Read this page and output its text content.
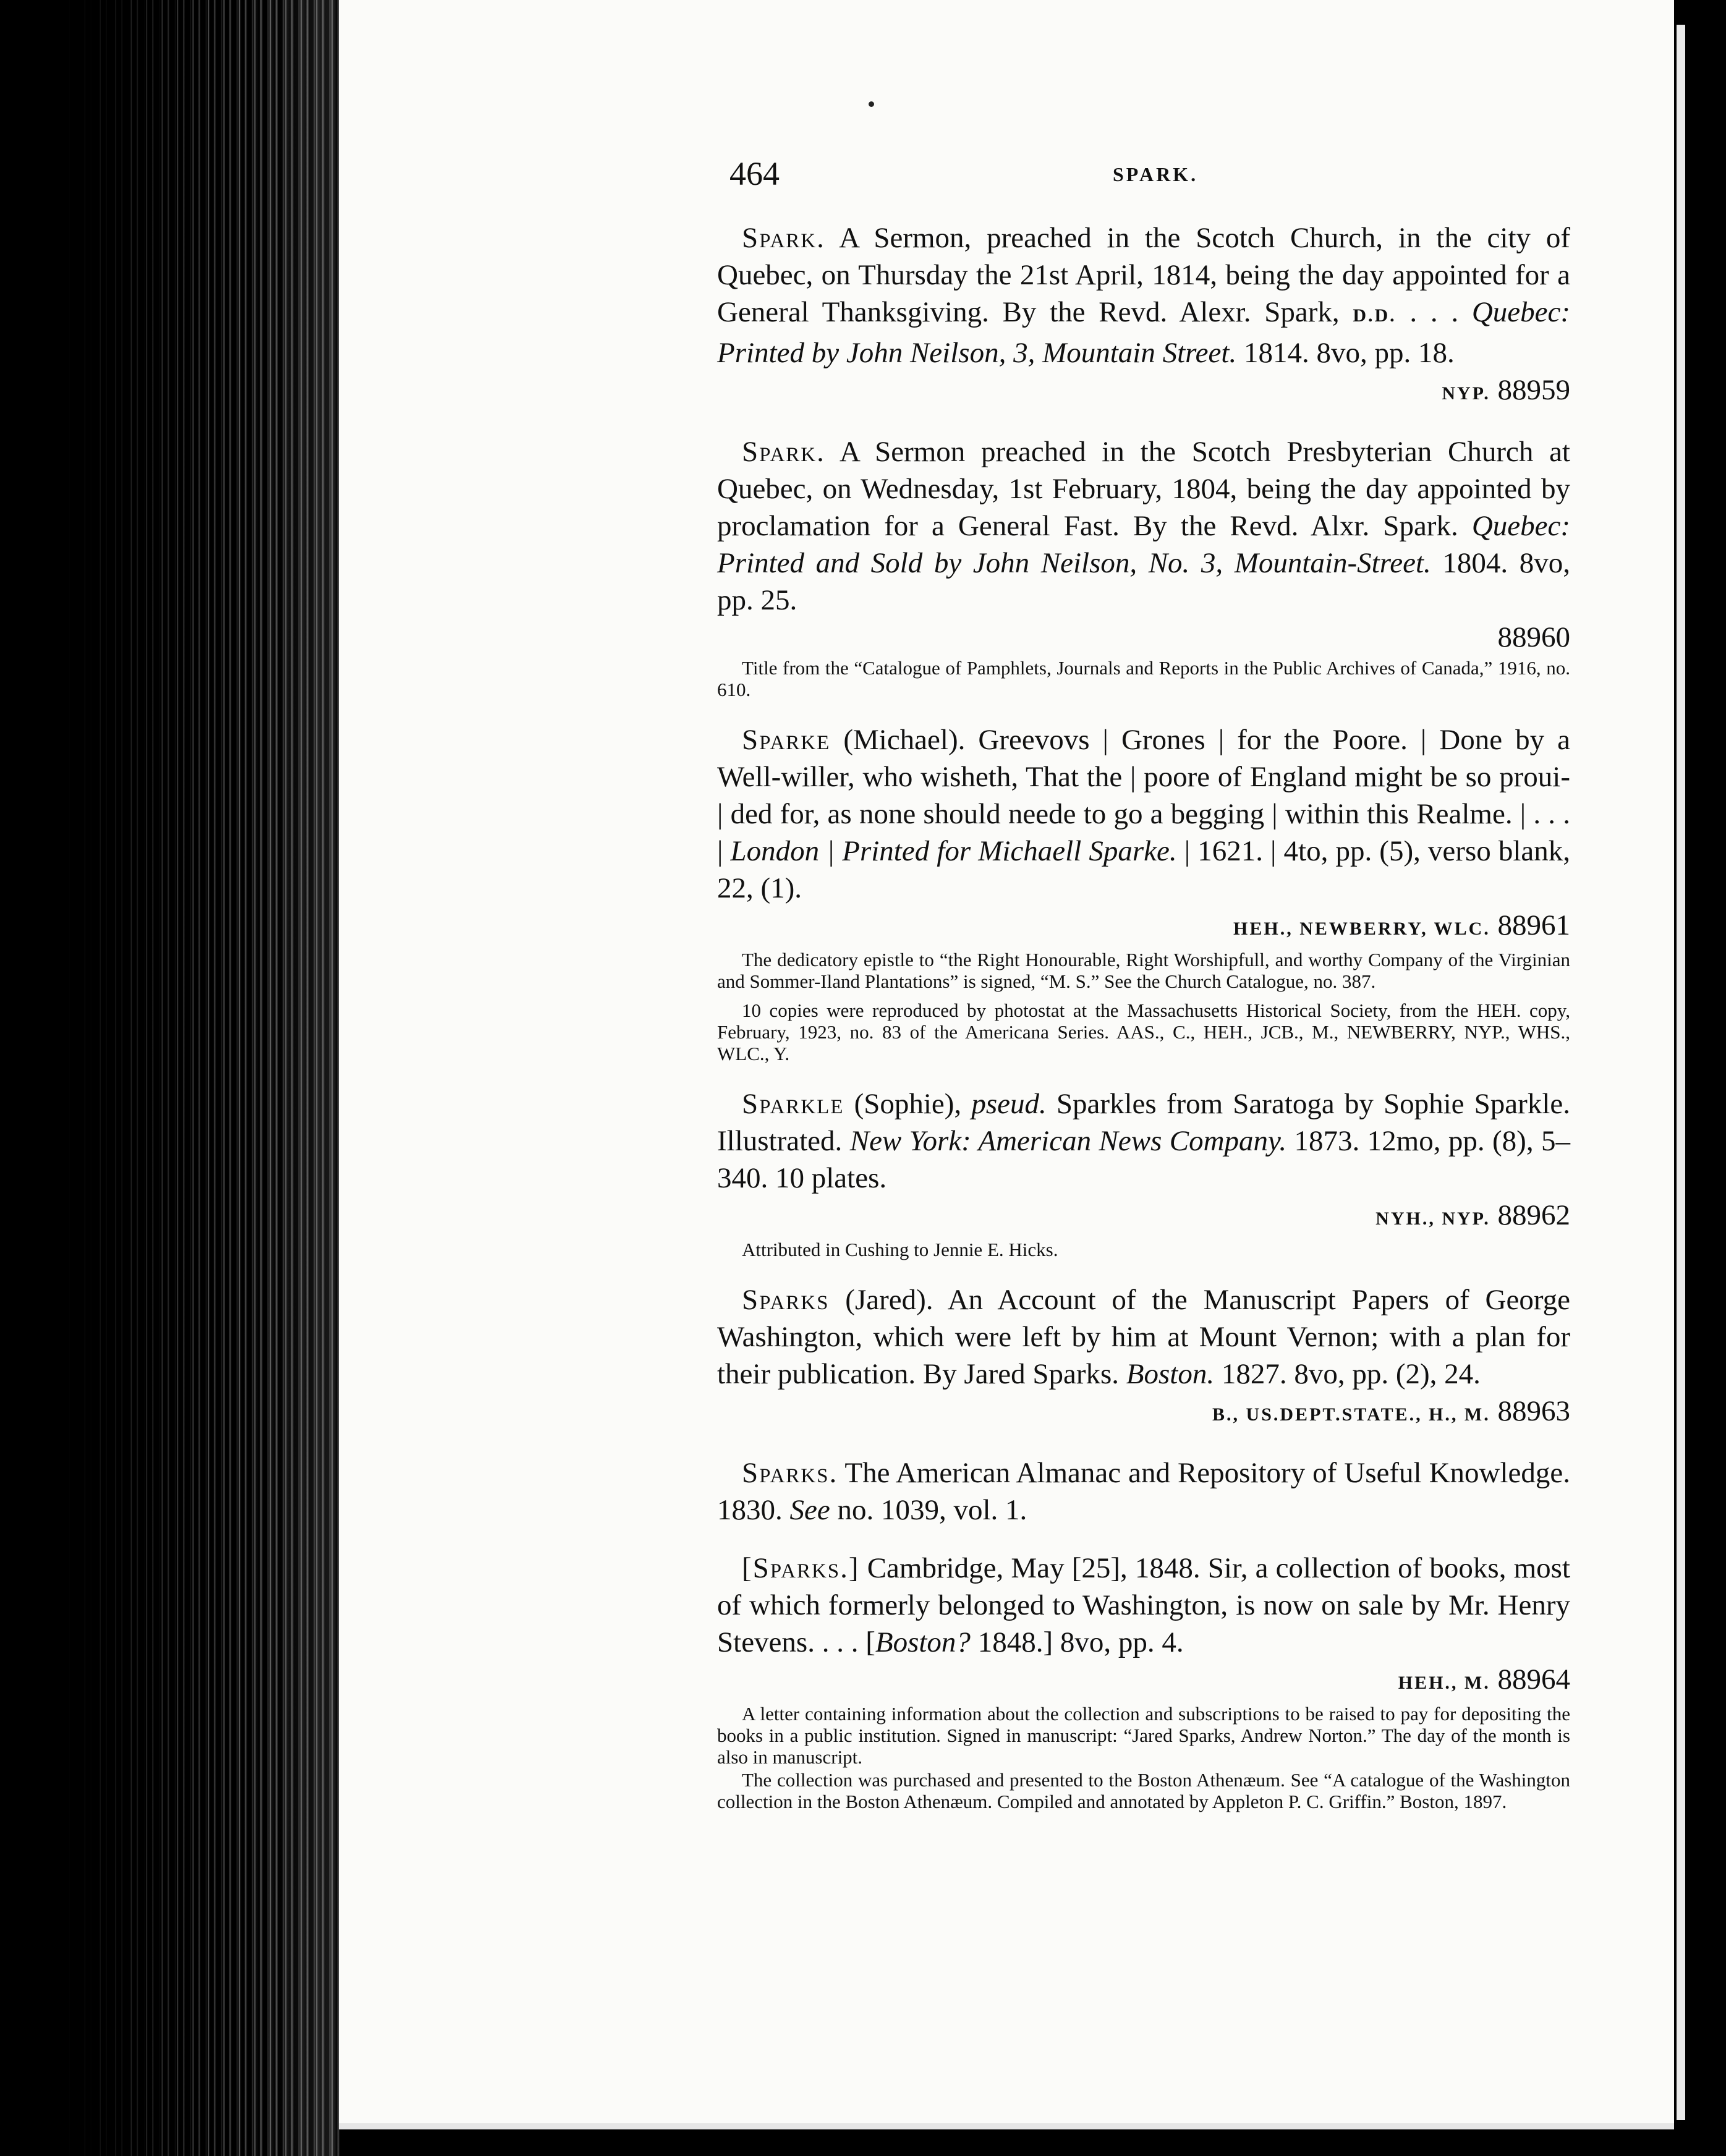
464	SPARK.

Spark. A Sermon, preached in the Scotch Church, in the city of Quebec, on Thursday the 21st April, 1814, being the day appointed for a General Thanksgiving. By the Revd. Alexr. Spark, D.D. . . . Quebec: Printed by John Neilson, 3, Mountain Street. 1814. 8vo, pp. 18.

NYP. 88959

Spark. A Sermon preached in the Scotch Presbyterian Church at Quebec, on Wednesday, 1st February, 1804, being the day appointed by proclamation for a General Fast. By the Revd. Alxr. Spark. Quebec: Printed and Sold by John Neilson, No. 3, Mountain-Street. 1804. 8vo, pp. 25.

88960

Title from the “Catalogue of Pamphlets, Journals and Reports in the Public Archives of Canada,” 1916, no. 610.

Sparke (Michael). Greevovs | Grones | for the Poore. | Done by a Well-willer, who wisheth, That the | poore of England might be so proui- | ded for, as none should neede to go a begging | within this Realme. | . . . | London | Printed for Michaell Sparke. | 1621. | 4to, pp. (5), verso blank, 22, (1).

HEH., NEWBERRY, WLC. 88961

The dedicatory epistle to “the Right Honourable, Right Worshipfull, and worthy Company of the Virginian and Sommer-Iland Plantations” is signed, “M. S.” See the Church Catalogue, no. 387.

10 copies were reproduced by photostat at the Massachusetts Historical Society, from the HEH. copy, February, 1923, no. 83 of the Americana Series. AAS., C., HEH., JCB., M., NEWBERRY, NYP., WHS., WLC., Y.

Sparkle (Sophie), pseud. Sparkles from Saratoga by Sophie Sparkle. Illustrated. New York: American News Company. 1873. 12mo, pp. (8), 5–340. 10 plates.

NYH., NYP. 88962

Attributed in Cushing to Jennie E. Hicks.

Sparks (Jared). An Account of the Manuscript Papers of George Washington, which were left by him at Mount Vernon; with a plan for their publication. By Jared Sparks. Boston. 1827. 8vo, pp. (2), 24.

B., US.DEPT.STATE., H., M. 88963

Sparks. The American Almanac and Repository of Useful Knowledge. 1830. See no. 1039, vol. 1.

[Sparks.] Cambridge, May [25], 1848. Sir, a collection of books, most of which formerly belonged to Washington, is now on sale by Mr. Henry Stevens. . . . [Boston? 1848.] 8vo, pp. 4.

HEH., M. 88964

A letter containing information about the collection and subscriptions to be raised to pay for depositing the books in a public institution. Signed in manuscript: “Jared Sparks, Andrew Norton.” The day of the month is also in manuscript.

The collection was purchased and presented to the Boston Athenæum. See “A catalogue of the Washington collection in the Boston Athenæum. Compiled and annotated by Appleton P. C. Griffin.” Boston, 1897.
